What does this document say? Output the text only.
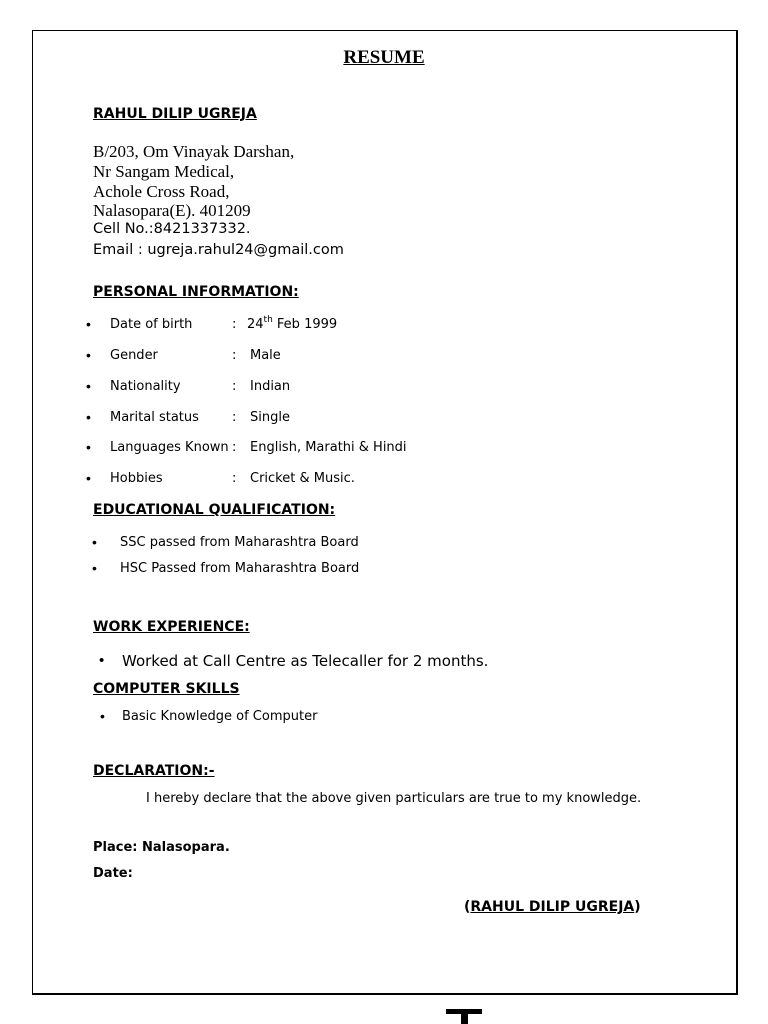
RESUME
RAHUL DILIP UGREJA
B/203, Om Vinayak Darshan,
Nr Sangam Medical,
Achole Cross Road,
Nalasopara(E). 401209
Cell No.:8421337332.
Email : ugreja.rahul24@gmail.com
PERSONAL INFORMATION:
• Date of birth	: 24th Feb 1999
• Gender	: Male
• Nationality	: Indian
• Marital status	: Single
• Languages Known : English, Marathi & Hindi
• Hobbies	: Cricket & Music.
EDUCATIONAL QUALIFICATION:
• SSC passed from Maharashtra Board
• HSC Passed from Maharashtra Board
WORK EXPERIENCE:
• Worked at Call Centre as Telecaller for 2 months.
COMPUTER SKILLS
• Basic Knowledge of Computer
DECLARATION:-
I hereby declare that the above given particulars are true to my knowledge.
Place: Nalasopara.
Date:
(RAHUL DILIP UGREJA)
